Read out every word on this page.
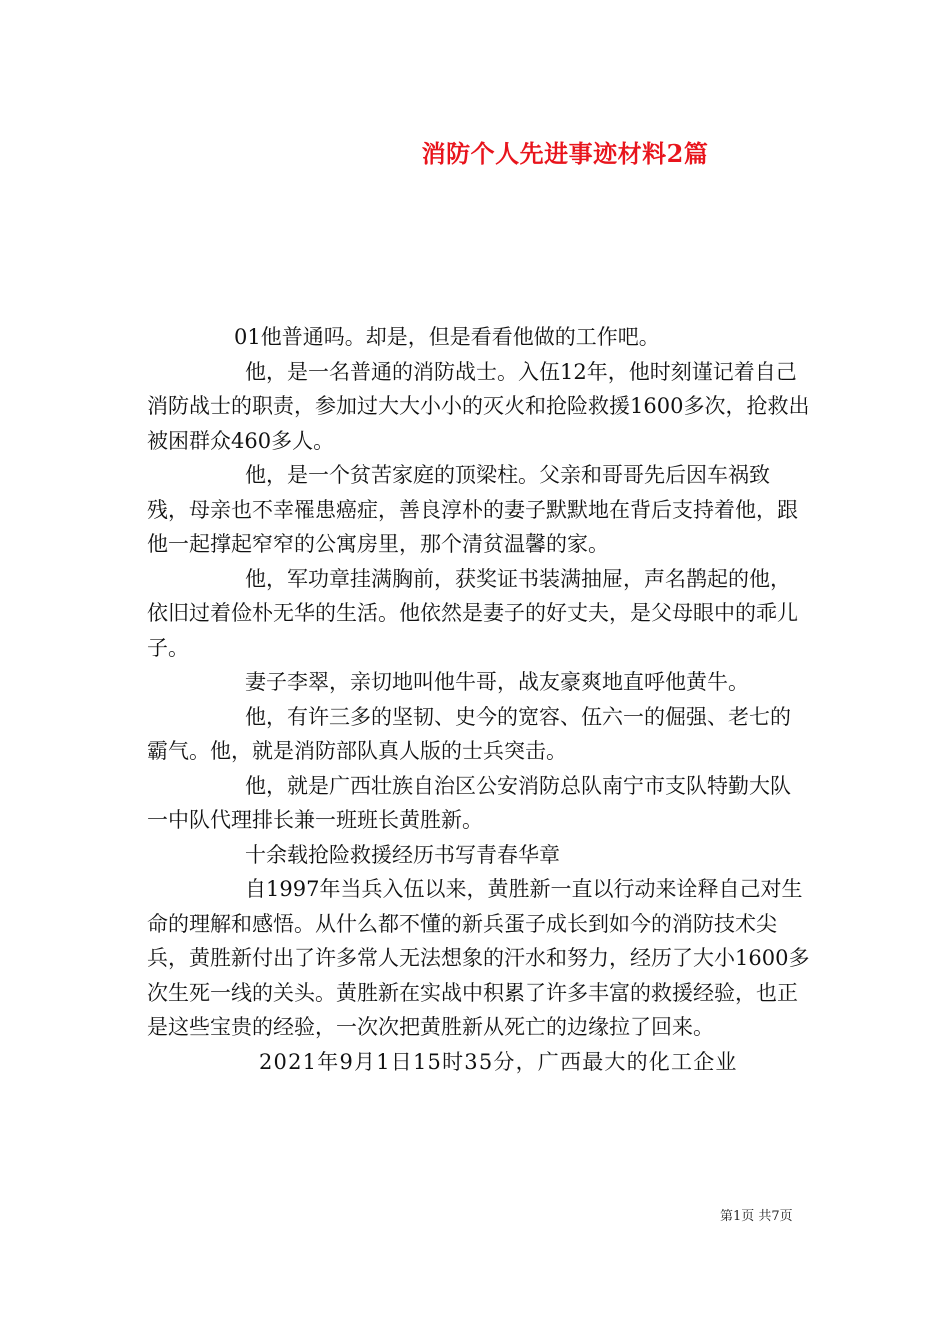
消防个人先进事迹材料2篇

01他普通吗。却是，但是看看他做的工作吧。

他，是一名普通的消防战士。入伍12年，他时刻谨记着自己消防战士的职责，参加过大大小小的灭火和抢险救援1600多次，抢救出被困群众460多人。

他，是一个贫苦家庭的顶梁柱。父亲和哥哥先后因车祸致残，母亲也不幸罹患癌症，善良淳朴的妻子默默地在背后支持着他，跟他一起撑起窄窄的公寓房里，那个清贫温馨的家。

他，军功章挂满胸前，获奖证书装满抽屉，声名鹊起的他，依旧过着俭朴无华的生活。他依然是妻子的好丈夫，是父母眼中的乖儿子。

妻子李翠，亲切地叫他牛哥，战友豪爽地直呼他黄牛。

他，有许三多的坚韧、史今的宽容、伍六一的倔强、老七的霸气。他，就是消防部队真人版的士兵突击。

他，就是广西壮族自治区公安消防总队南宁市支队特勤大队一中队代理排长兼一班班长黄胜新。

十余载抢险救援经历书写青春华章

自1997年当兵入伍以来，黄胜新一直以行动来诠释自己对生命的理解和感悟。从什么都不懂的新兵蛋子成长到如今的消防技术尖兵，黄胜新付出了许多常人无法想象的汗水和努力，经历了大小1600多次生死一线的关头。黄胜新在实战中积累了许多丰富的救援经验，也正是这些宝贵的经验，一次次把黄胜新从死亡的边缘拉了回来。

2021年9月1日15时35分，广西最大的化工企业

第1页 共7页
